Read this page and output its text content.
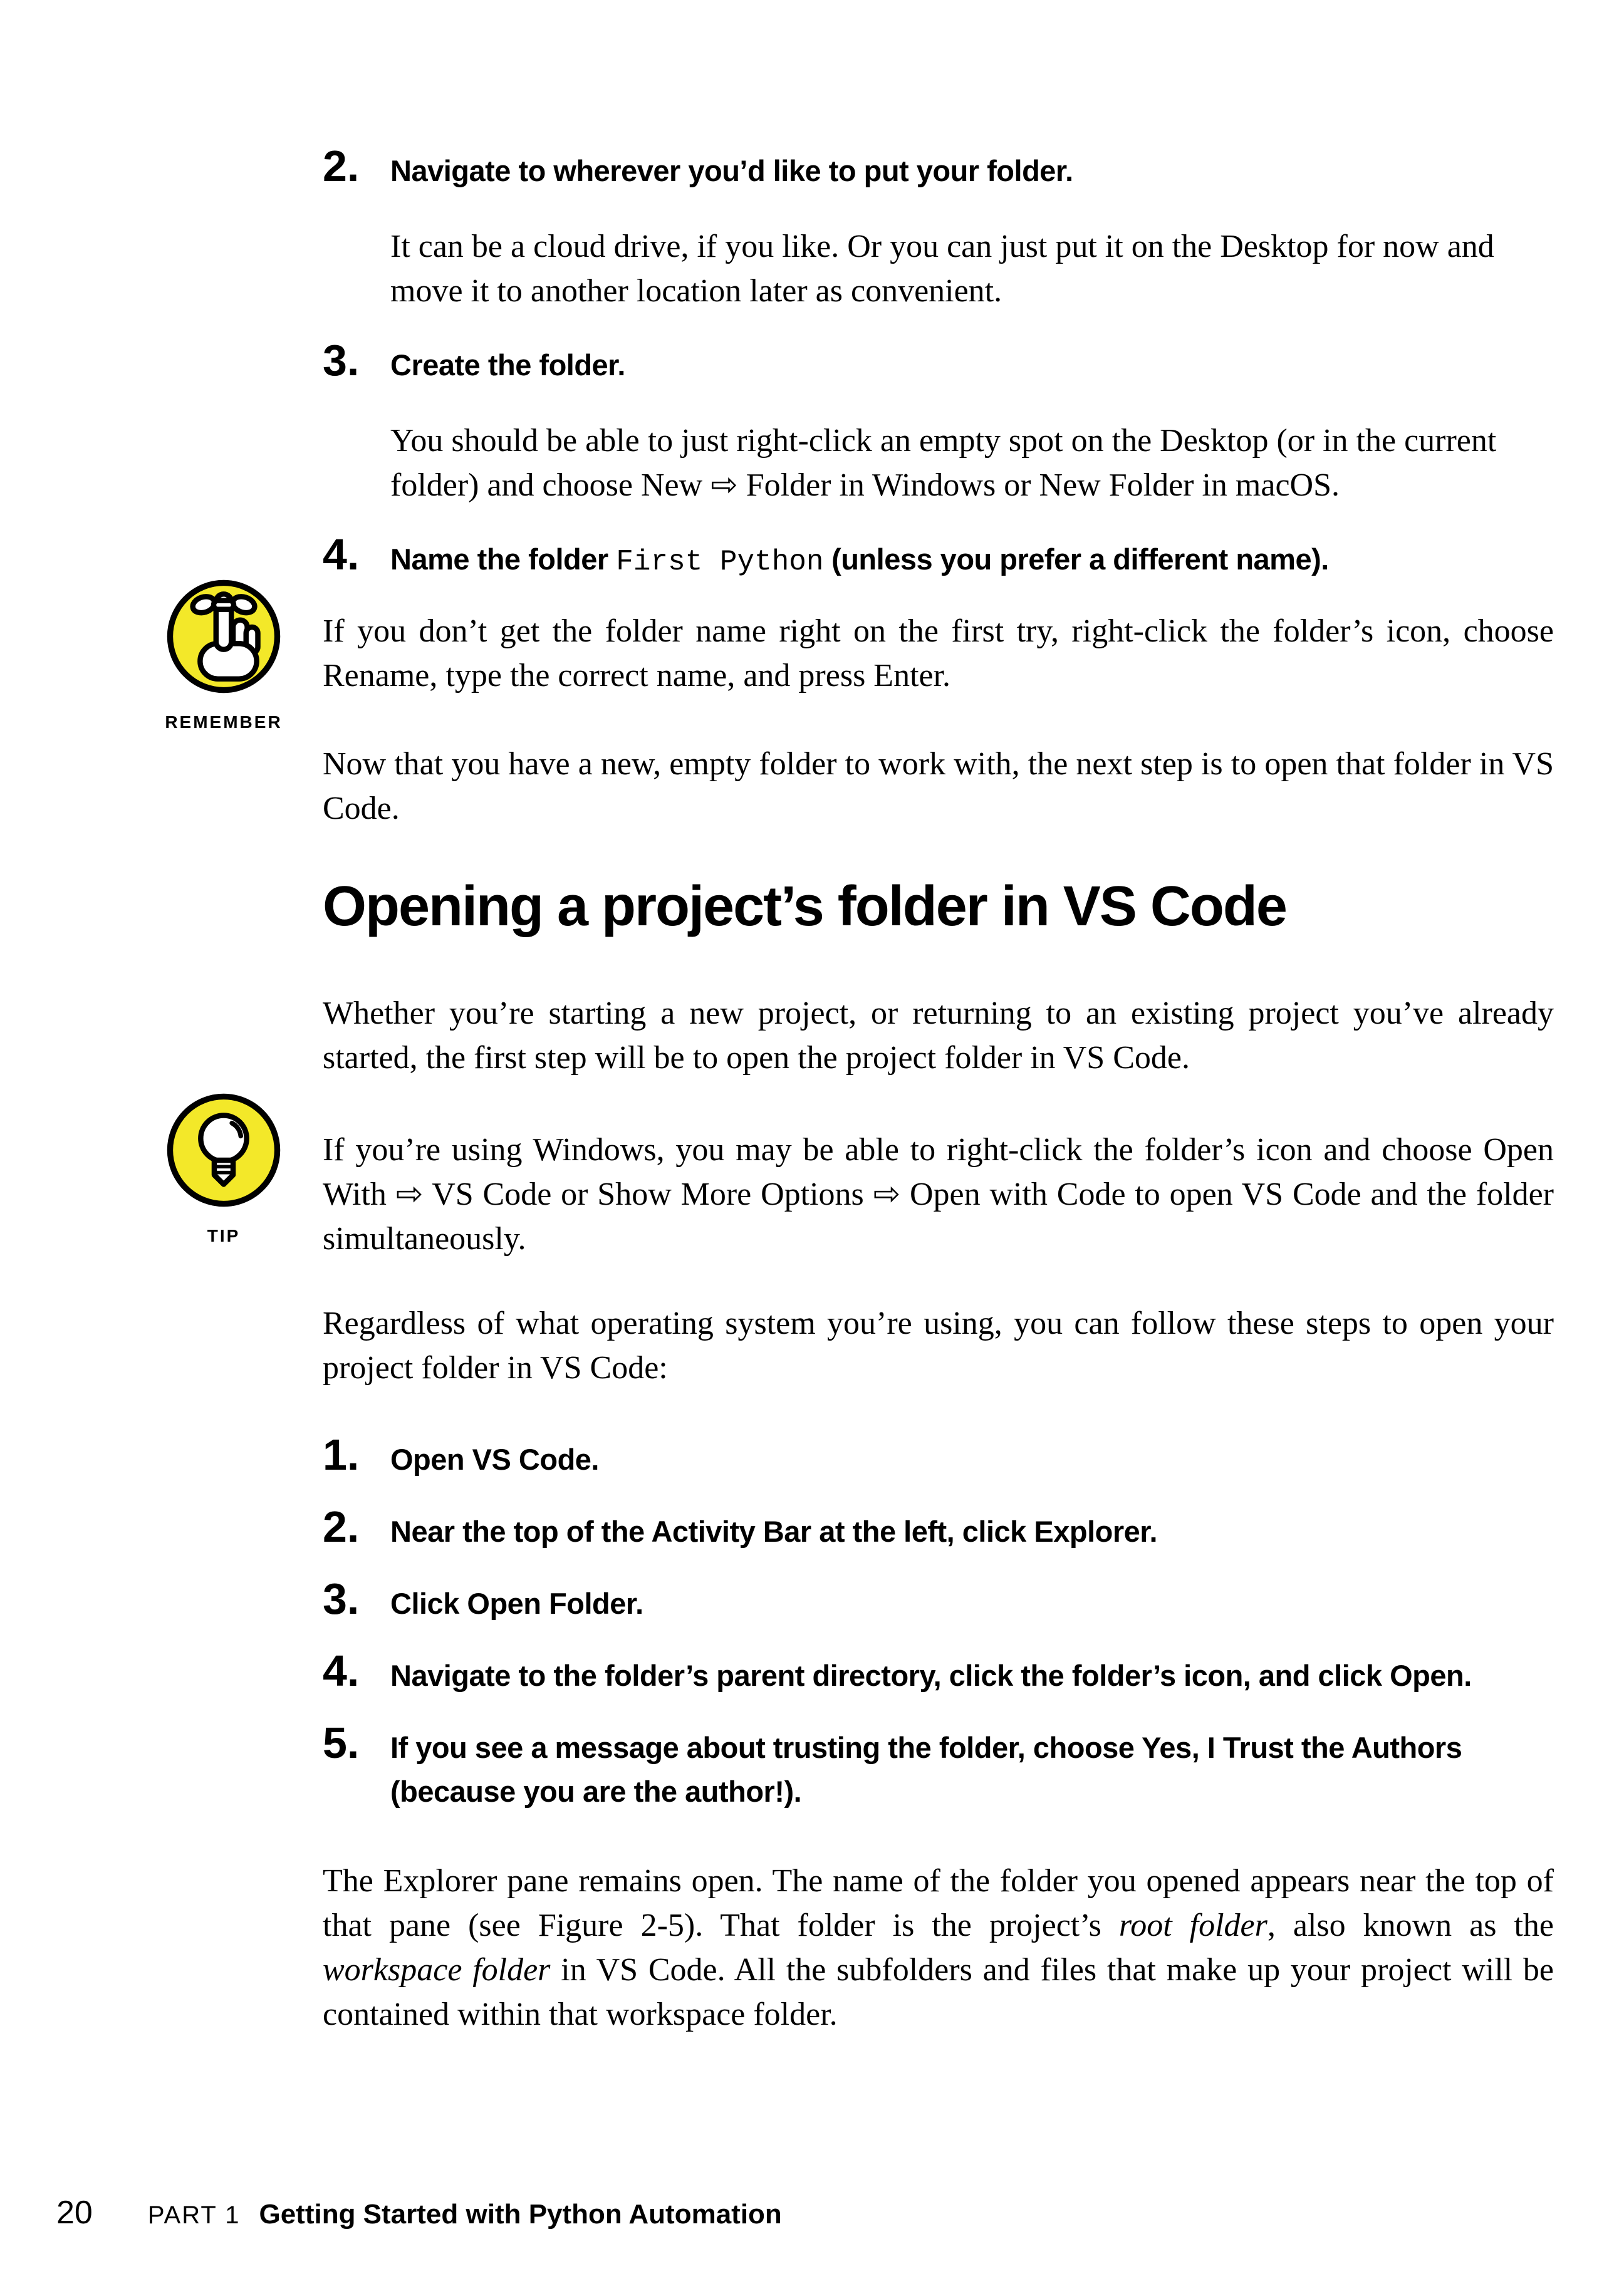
REMEMBER
TIP
2.	Navigate to wherever you’d like to put your folder.
It can be a cloud drive, if you like. Or you can just put it on the Desktop for now and move it to another location later as convenient.
3.	Create the folder.
You should be able to just right-click an empty spot on the Desktop (or in the current folder) and choose New ⇨ Folder in Windows or New Folder in macOS.
4.	Name the folder First Python (unless you prefer a different name).

If you don’t get the folder name right on the first try, right-click the folder’s icon, choose Rename, type the correct name, and press Enter.

Now that you have a new, empty folder to work with, the next step is to open that folder in VS Code.

Opening a project’s folder in VS Code

Whether you’re starting a new project, or returning to an existing project you’ve already started, the first step will be to open the project folder in VS Code.

If you’re using Windows, you may be able to right-click the folder’s icon and choose Open With ⇨ VS Code or Show More Options ⇨ Open with Code to open VS Code and the folder simultaneously.

Regardless of what operating system you’re using, you can follow these steps to open your project folder in VS Code:

1.	Open VS Code.
2.	Near the top of the Activity Bar at the left, click Explorer.
3.	Click Open Folder.
4.	Navigate to the folder’s parent directory, click the folder’s icon, and click Open.
5.	If you see a message about trusting the folder, choose Yes, I Trust the Authors (because you are the author!).

The Explorer pane remains open. The name of the folder you opened appears near the top of that pane (see Figure 2-5). That folder is the project’s root folder, also known as the workspace folder in VS Code. All the subfolders and files that make up your project will be contained within that workspace folder.

20 PART 1 Getting Started with Python Automation
